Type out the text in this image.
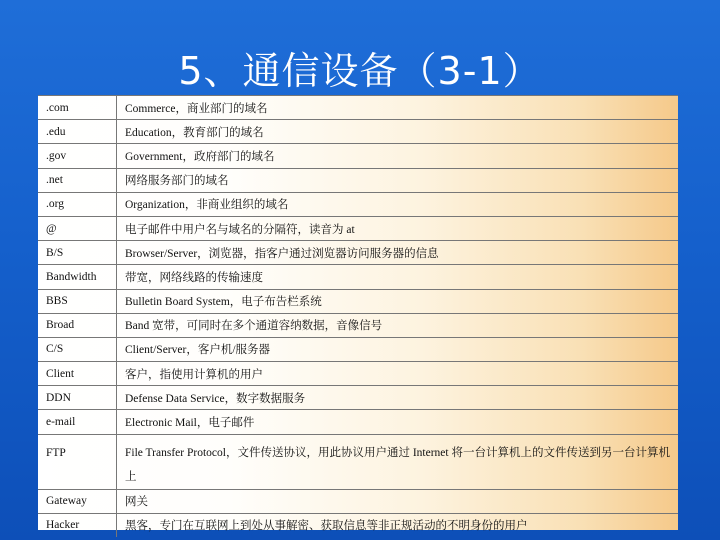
5、通信设备（3-1）
.com	Commerce，商业部门的域名
.edu	Education，教育部门的域名
.gov	Government，政府部门的域名
.net	网络服务部门的域名
.org	Organization，非商业组织的域名
@	电子邮件中用户名与域名的分隔符，读音为 at
B/S	Browser/Server，浏览器，指客户通过浏览器访问服务器的信息
Bandwidth	带宽，网络线路的传输速度
BBS	Bulletin Board System，电子布告栏系统
Broad	Band 宽带，可同时在多个通道容纳数据，音像信号
C/S	Client/Server，客户机/服务器
Client	客户，指使用计算机的用户
DDN	Defense Data Service，数字数据服务
e-mail	Electronic Mail，电子邮件
FTP	File Transfer Protocol，文件传送协议，用此协议用户通过 Internet 将一台计算机上的文件传送到另一台计算机上
Gateway	网关
Hacker	黑客，专门在互联网上到处从事解密、获取信息等非正规活动的不明身份的用户
